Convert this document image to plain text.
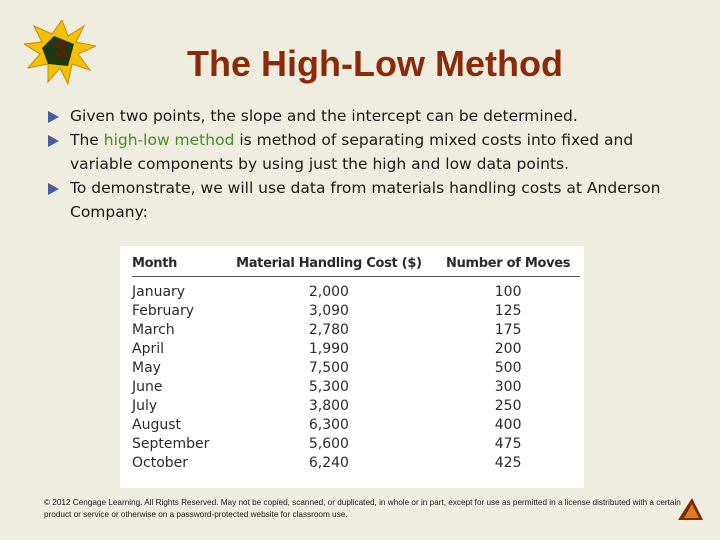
3	The High-Low Method
Given two points, the slope and the intercept can be determined.
The high-low method is method of separating mixed costs into fixed and variable components by using just the high and low data points.
To demonstrate, we will use data from materials handling costs at Anderson Company:
Month	Material Handling Cost ($)	Number of Moves
January	2,000	100
February	3,090	125
March	2,780	175
April	1,990	200
May	7,500	500
June	5,300	300
July	3,800	250
August	6,300	400
September	5,600	475
October	6,240	425
© 2012 Cengage Learning. All Rights Reserved. May not be copied, scanned, or duplicated, in whole or in part, except for use as permitted in a license distributed with a certain product or service or otherwise on a password-protected website for classroom use.
